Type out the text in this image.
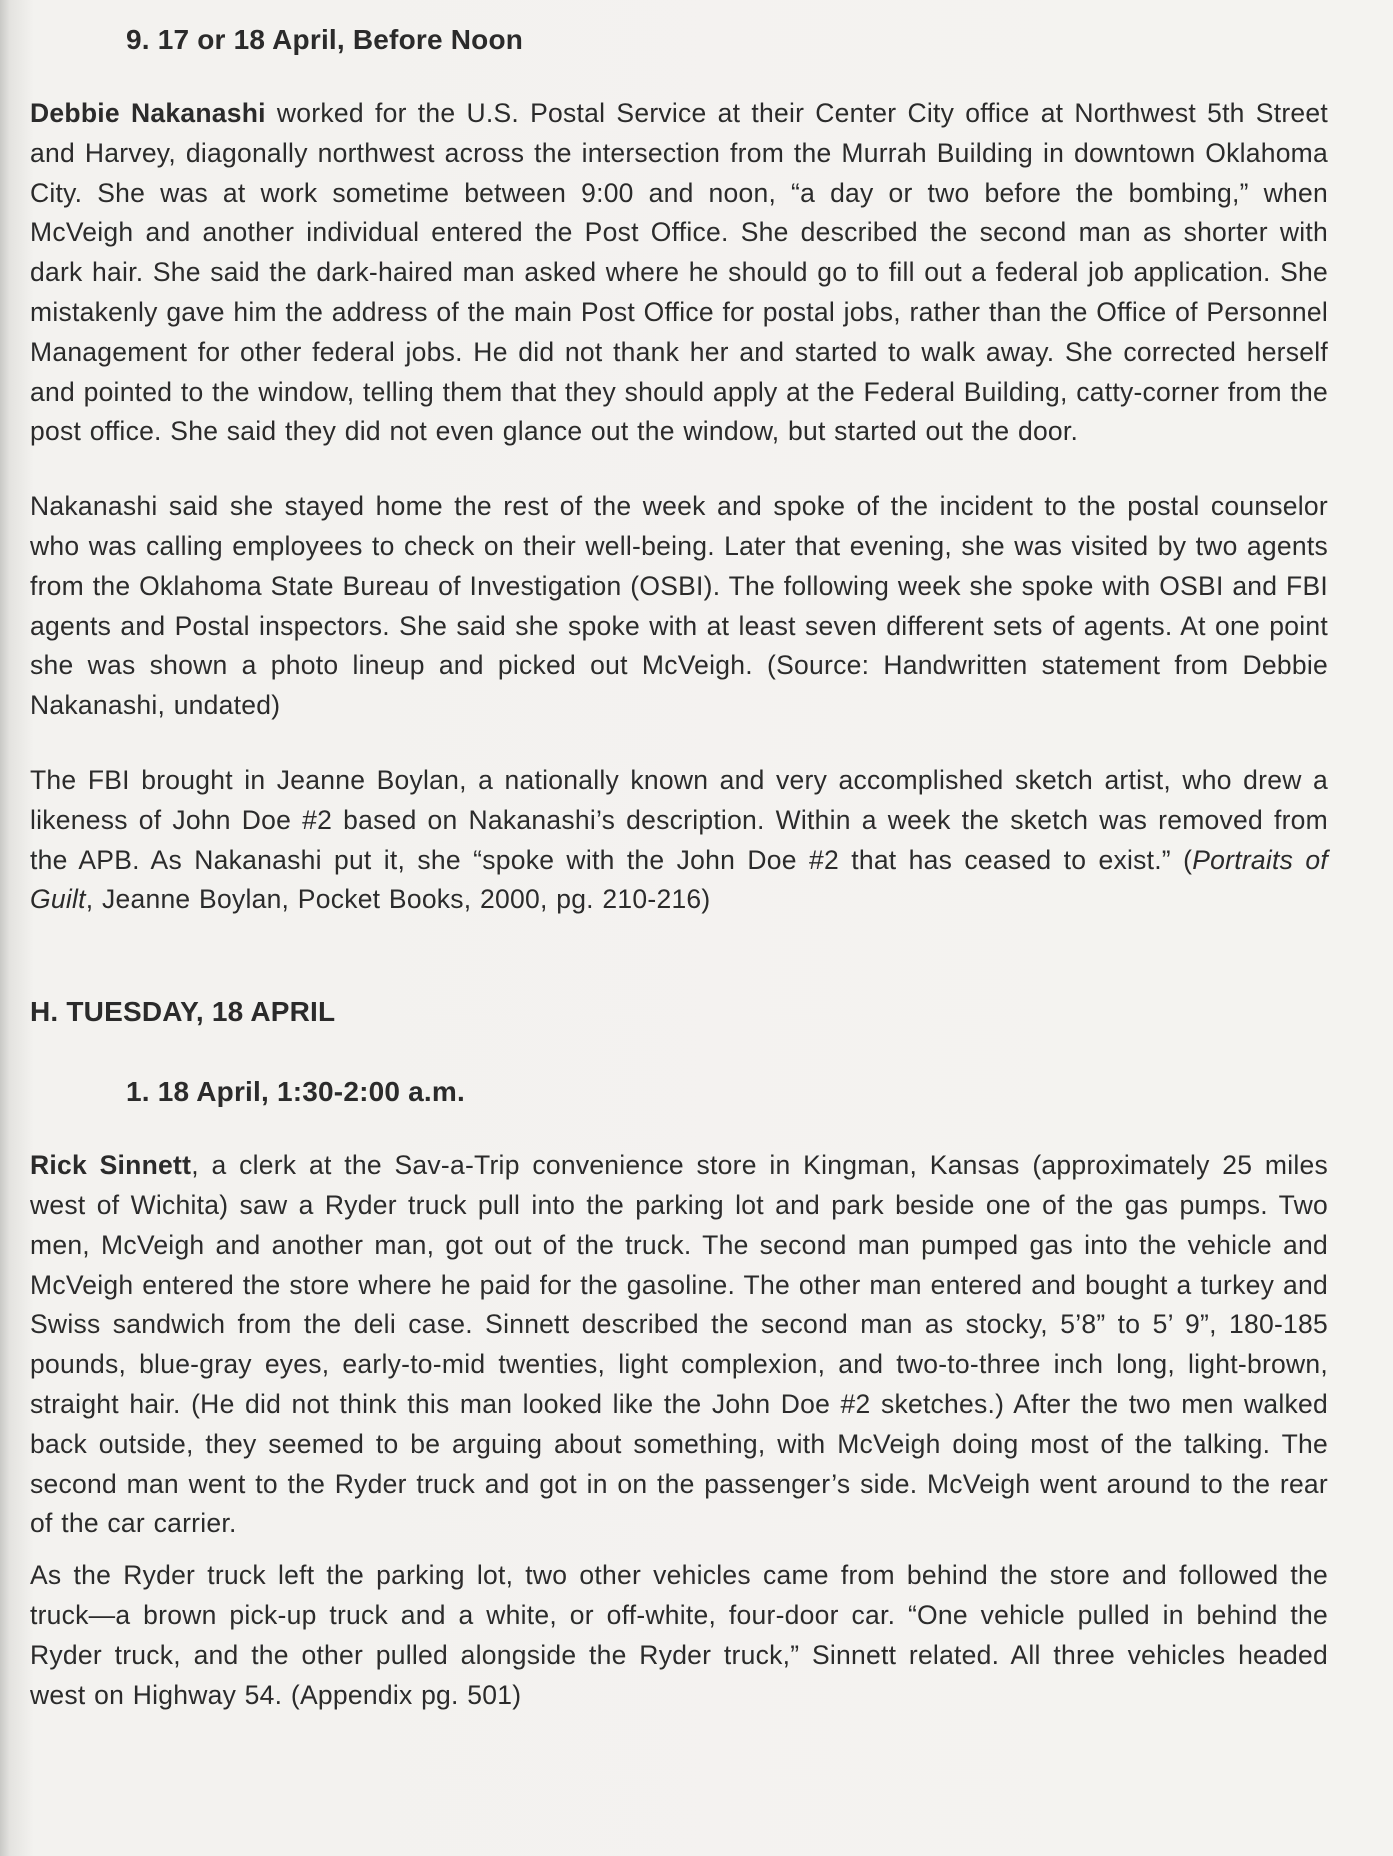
9. 17 or 18 April, Before Noon

Debbie Nakanashi worked for the U.S. Postal Service at their Center City office at Northwest 5th Street and Harvey, diagonally northwest across the intersection from the Murrah Building in downtown Oklahoma City. She was at work sometime between 9:00 and noon, “a day or two before the bombing,” when McVeigh and another individual entered the Post Office. She described the second man as shorter with dark hair. She said the dark-haired man asked where he should go to fill out a federal job application. She mistakenly gave him the address of the main Post Office for postal jobs, rather than the Office of Personnel Management for other federal jobs. He did not thank her and started to walk away. She corrected herself and pointed to the window, telling them that they should apply at the Federal Building, catty-corner from the post office. She said they did not even glance out the window, but started out the door.

Nakanashi said she stayed home the rest of the week and spoke of the incident to the postal counselor who was calling employees to check on their well-being. Later that evening, she was visited by two agents from the Oklahoma State Bureau of Investigation (OSBI). The following week she spoke with OSBI and FBI agents and Postal inspectors. She said she spoke with at least seven different sets of agents. At one point she was shown a photo lineup and picked out McVeigh. (Source: Handwritten statement from Debbie Nakanashi, undated)

The FBI brought in Jeanne Boylan, a nationally known and very accomplished sketch artist, who drew a likeness of John Doe #2 based on Nakanashi’s description. Within a week the sketch was removed from the APB. As Nakanashi put it, she “spoke with the John Doe #2 that has ceased to exist.” (Portraits of Guilt, Jeanne Boylan, Pocket Books, 2000, pg. 210-216)

H. TUESDAY, 18 APRIL
1. 18 April, 1:30-2:00 a.m.

Rick Sinnett, a clerk at the Sav-a-Trip convenience store in Kingman, Kansas (approximately 25 miles west of Wichita) saw a Ryder truck pull into the parking lot and park beside one of the gas pumps. Two men, McVeigh and another man, got out of the truck. The second man pumped gas into the vehicle and McVeigh entered the store where he paid for the gasoline. The other man entered and bought a turkey and Swiss sandwich from the deli case. Sinnett described the second man as stocky, 5’8” to 5’ 9”, 180-185 pounds, blue-gray eyes, early-to-mid twenties, light complexion, and two-to-three inch long, light-brown, straight hair. (He did not think this man looked like the John Doe #2 sketches.) After the two men walked back outside, they seemed to be arguing about something, with McVeigh doing most of the talking. The second man went to the Ryder truck and got in on the passenger’s side. McVeigh went around to the rear of the car carrier.

As the Ryder truck left the parking lot, two other vehicles came from behind the store and followed the truck—a brown pick-up truck and a white, or off-white, four-door car. “One vehicle pulled in behind the Ryder truck, and the other pulled alongside the Ryder truck,” Sinnett related. All three vehicles headed west on Highway 54. (Appendix pg. 501)
